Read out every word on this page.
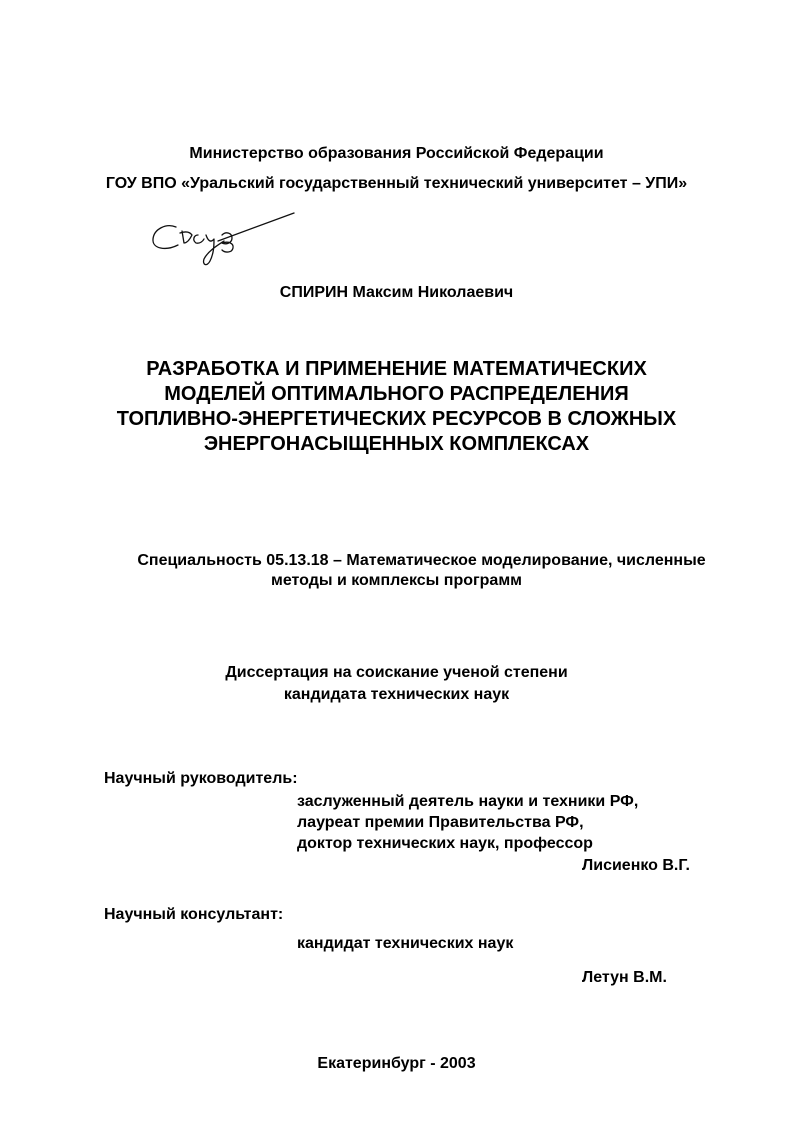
Министерство образования Российской Федерации
ГОУ ВПО «Уральский государственный технический университет – УПИ»
СПИРИН Максим Николаевич
РАЗРАБОТКА И ПРИМЕНЕНИЕ МАТЕМАТИЧЕСКИХ
МОДЕЛЕЙ ОПТИМАЛЬНОГО РАСПРЕДЕЛЕНИЯ
ТОПЛИВНО-ЭНЕРГЕТИЧЕСКИХ РЕСУРСОВ В СЛОЖНЫХ
ЭНЕРГОНАСЫЩЕННЫХ КОМПЛЕКСАХ
Специальность 05.13.18 – Математическое моделирование, численные
методы и комплексы программ
Диссертация на соискание ученой степени
кандидата технических наук
Научный руководитель:
заслуженный деятель науки и техники РФ,
лауреат премии Правительства РФ,
доктор технических наук, профессор
Лисиенко В.Г.
Научный консультант:
кандидат технических наук
Летун В.М.
Екатеринбург - 2003
